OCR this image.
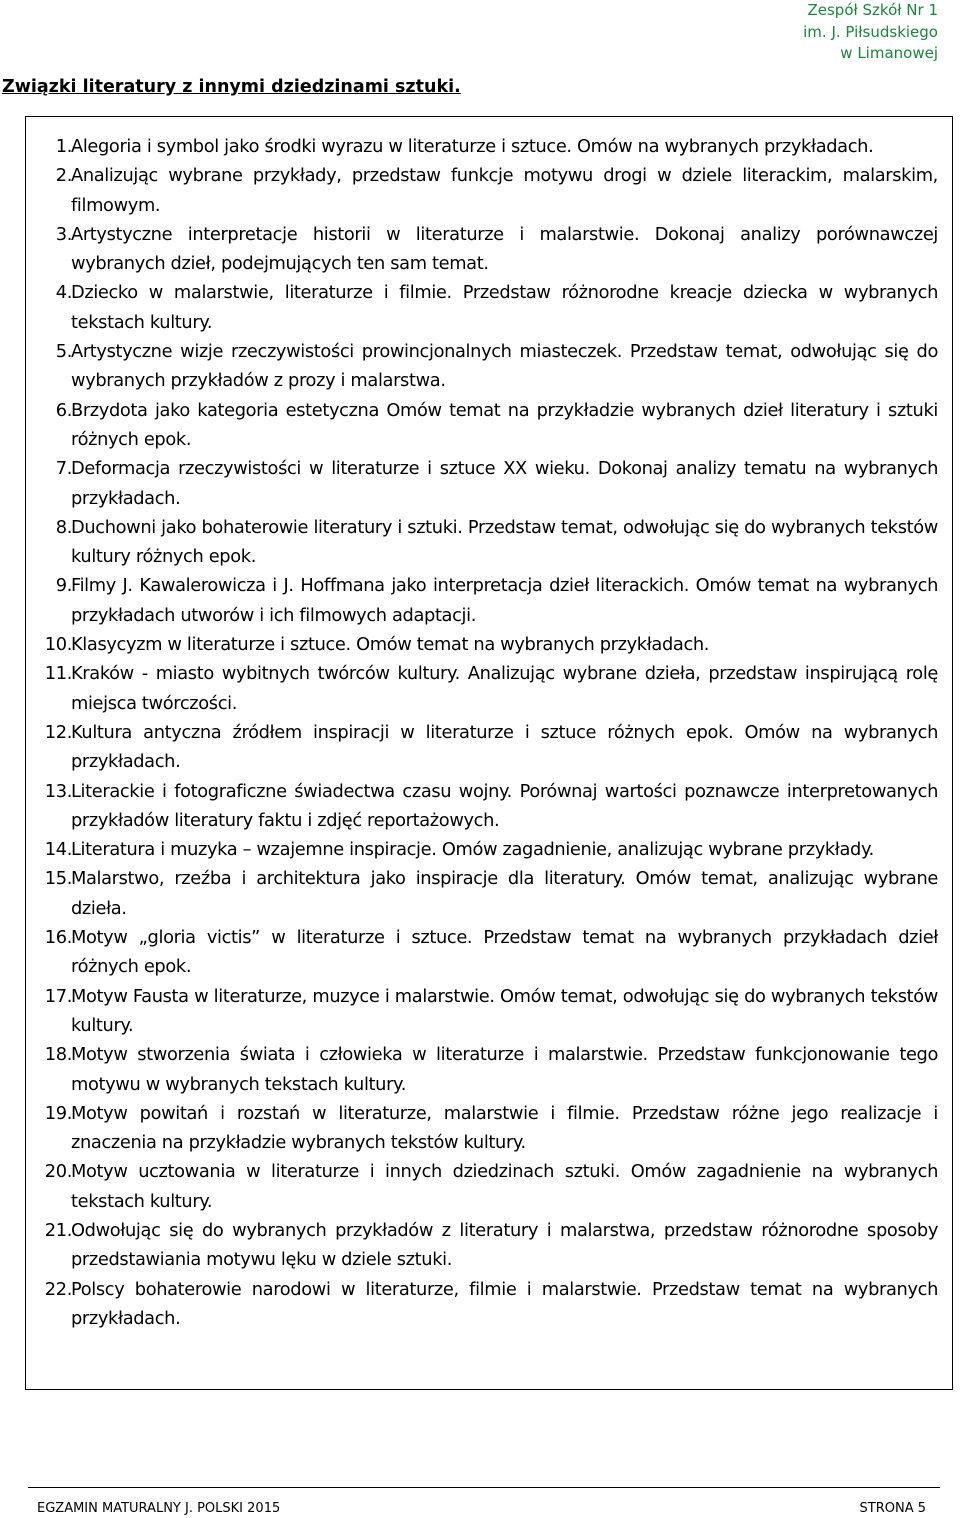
Zespół Szkół Nr 1
im. J. Piłsudskiego
w Limanowej
Związki literatury z innymi dziedzinami sztuki.
1. Alegoria i symbol jako środki wyrazu w literaturze i sztuce. Omów na wybranych przykładach.
2. Analizując wybrane przykłady, przedstaw funkcje motywu drogi w dziele literackim, malarskim, filmowym.
3. Artystyczne interpretacje historii w literaturze i malarstwie. Dokonaj analizy porównawczej wybranych dzieł, podejmujących ten sam temat.
4. Dziecko w malarstwie, literaturze i filmie. Przedstaw różnorodne kreacje dziecka w wybranych tekstach kultury.
5. Artystyczne wizje rzeczywistości prowincjonalnych miasteczek. Przedstaw temat, odwołując się do wybranych przykładów z prozy i malarstwa.
6. Brzydota jako kategoria estetyczna Omów temat na przykładzie wybranych dzieł literatury i sztuki różnych epok.
7. Deformacja rzeczywistości w literaturze i sztuce XX wieku. Dokonaj analizy tematu na wybranych przykładach.
8. Duchowni jako bohaterowie literatury i sztuki. Przedstaw temat, odwołując się do wybranych tekstów kultury różnych epok.
9. Filmy J. Kawalerowicza i J. Hoffmana jako interpretacja dzieł literackich. Omów temat na wybranych przykładach utworów i ich filmowych adaptacji.
10. Klasycyzm w literaturze i sztuce. Omów temat na wybranych przykładach.
11. Kraków - miasto wybitnych twórców kultury. Analizując wybrane dzieła, przedstaw inspirującą rolę miejsca twórczości.
12. Kultura antyczna źródłem inspiracji w literaturze i sztuce różnych epok. Omów na wybranych przykładach.
13. Literackie i fotograficzne świadectwa czasu wojny. Porównaj wartości poznawcze interpretowanych przykładów literatury faktu i zdjęć reportażowych.
14. Literatura i muzyka – wzajemne inspiracje. Omów zagadnienie, analizując wybrane przykłady.
15. Malarstwo, rzeźba i architektura jako inspiracje dla literatury. Omów temat, analizując wybrane dzieła.
16. Motyw „gloria victis” w literaturze i sztuce. Przedstaw temat na wybranych przykładach dzieł różnych epok.
17. Motyw Fausta w literaturze, muzyce i malarstwie. Omów temat, odwołując się do wybranych tekstów kultury.
18. Motyw stworzenia świata i człowieka w literaturze i malarstwie. Przedstaw funkcjonowanie tego motywu w wybranych tekstach kultury.
19. Motyw powitań i rozstań w literaturze, malarstwie i filmie. Przedstaw różne jego realizacje i znaczenia na przykładzie wybranych tekstów kultury.
20. Motyw ucztowania w literaturze i innych dziedzinach sztuki. Omów zagadnienie na wybranych tekstach kultury.
21. Odwołując się do wybranych przykładów z literatury i malarstwa, przedstaw różnorodne sposoby przedstawiania motywu lęku w dziele sztuki.
22. Polscy bohaterowie narodowi w literaturze, filmie i malarstwie. Przedstaw temat na wybranych przykładach.
EGZAMIN MATURALNY J. POLSKI 2015	STRONA 5
